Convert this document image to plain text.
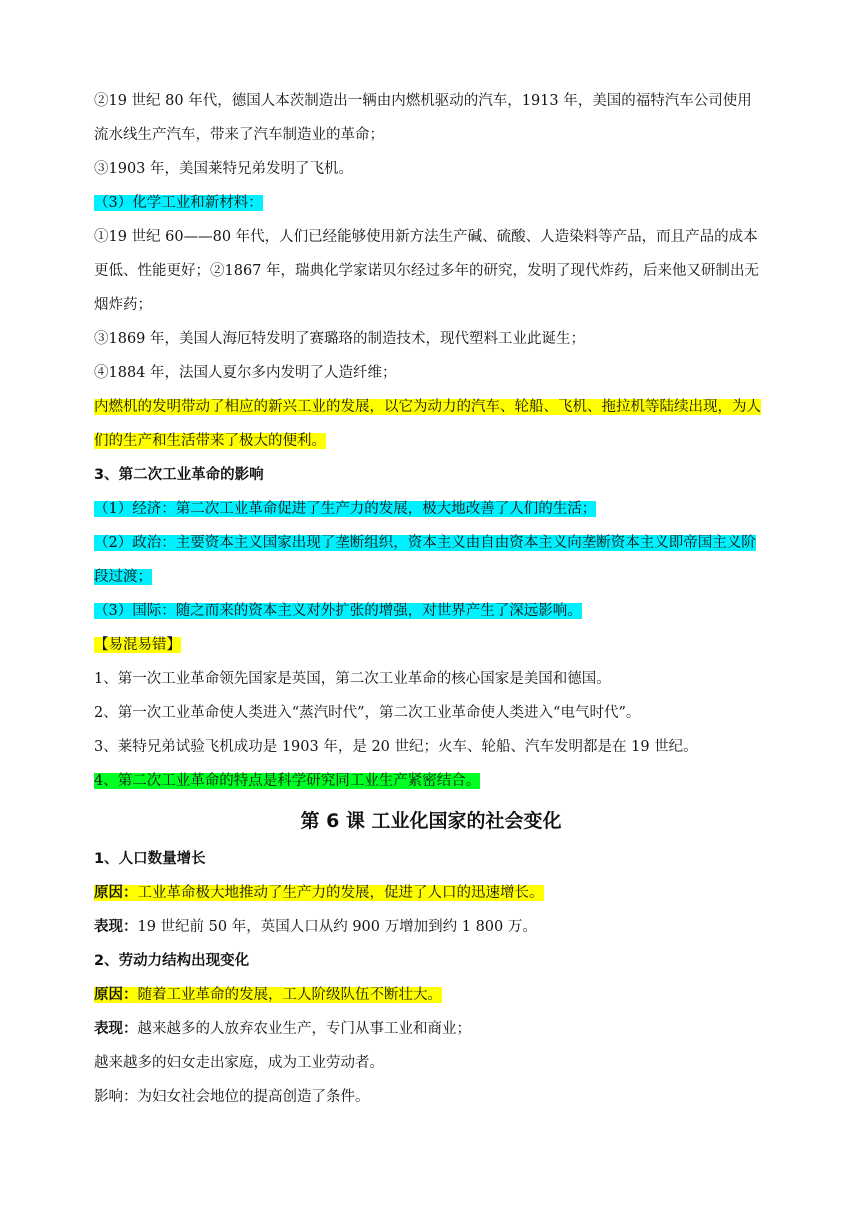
②19 世纪 80 年代，德国人本茨制造出一辆由内燃机驱动的汽车，1913 年，美国的福特汽车公司使用

流水线生产汽车，带来了汽车制造业的革命；

③1903 年，美国莱特兄弟发明了飞机。

（3）化学工业和新材料：

①19 世纪 60——80 年代，人们已经能够使用新方法生产碱、硫酸、人造染料等产品，而且产品的成本更低、性能更好；②1867 年，瑞典化学家诺贝尔经过多年的研究，发明了现代炸药，后来他又研制出无烟炸药；

③1869 年，美国人海厄特发明了赛璐珞的制造技术，现代塑料工业此诞生；

④1884 年，法国人夏尔多内发明了人造纤维；

内燃机的发明带动了相应的新兴工业的发展，以它为动力的汽车、轮船、飞机、拖拉机等陆续出现，为人们的生产和生活带来了极大的便利。

3、第二次工业革命的影响

（1）经济：第二次工业革命促进了生产力的发展，极大地改善了人们的生活；

（2）政治：主要资本主义国家出现了垄断组织，资本主义由自由资本主义向垄断资本主义即帝国主义阶段过渡；

（3）国际：随之而来的资本主义对外扩张的增强，对世界产生了深远影响。

【易混易错】

1、第一次工业革命领先国家是英国，第二次工业革命的核心国家是美国和德国。

2、第一次工业革命使人类进入“蒸汽时代”，第二次工业革命使人类进入“电气时代”。

3、莱特兄弟试验飞机成功是 1903 年，是 20 世纪；火车、轮船、汽车发明都是在 19 世纪。

4、第二次工业革命的特点是科学研究同工业生产紧密结合。

第 6 课 工业化国家的社会变化

1、人口数量增长

原因：工业革命极大地推动了生产力的发展，促进了人口的迅速增长。

表现：19 世纪前 50 年，英国人口从约 900 万增加到约 1 800 万。

2、劳动力结构出现变化

原因：随着工业革命的发展，工人阶级队伍不断壮大。

表现：越来越多的人放弃农业生产，专门从事工业和商业；

越来越多的妇女走出家庭，成为工业劳动者。

影响：为妇女社会地位的提高创造了条件。
